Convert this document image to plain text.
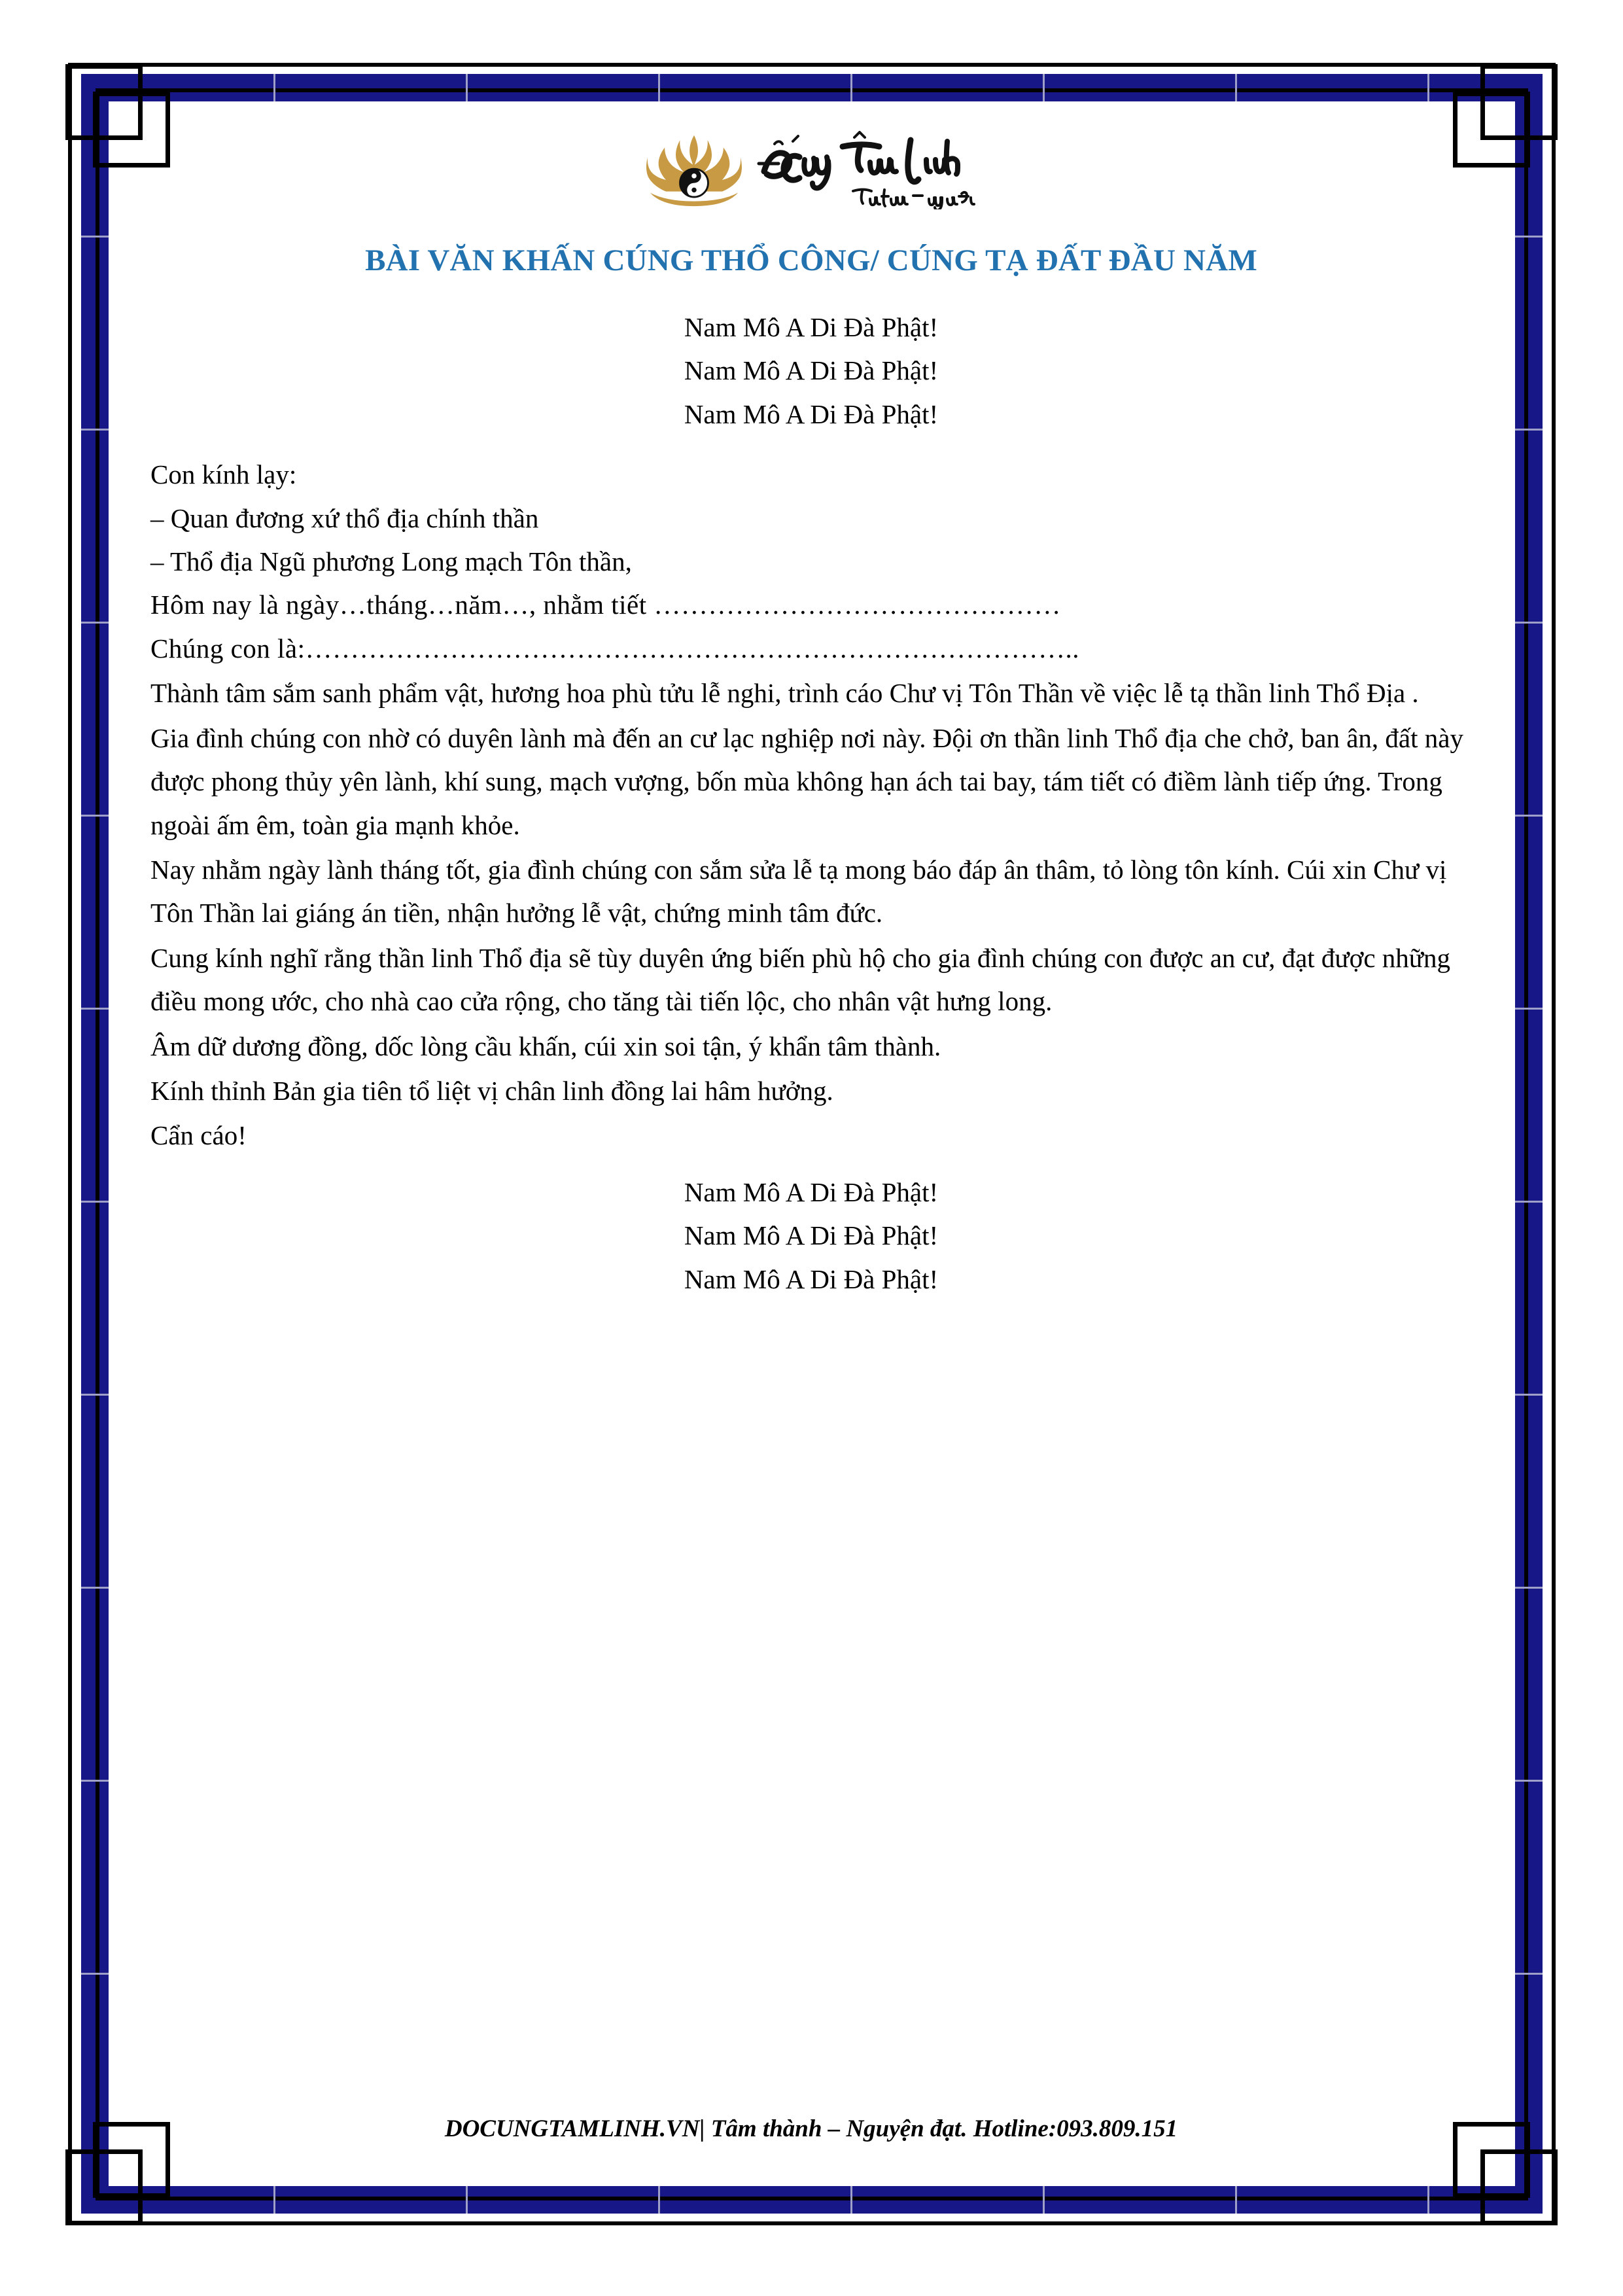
BÀI VĂN KHẤN CÚNG THỔ CÔNG/ CÚNG TẠ ĐẤT ĐẦU NĂM
Nam Mô A Di Đà Phật!
Nam Mô A Di Đà Phật!
Nam Mô A Di Đà Phật!

Con kính lạy:

– Quan đương xứ thổ địa chính thần

– Thổ địa Ngũ phương Long mạch Tôn thần,

Hôm nay là ngày…tháng…năm…, nhằm tiết ………………………………………

Chúng con là:…………………………………………………………………………..

Thành tâm sắm sanh phẩm vật, hương hoa phù tửu lễ nghi, trình cáo Chư vị Tôn Thần về việc lễ tạ thần linh Thổ Địa .

Gia đình chúng con nhờ có duyên lành mà đến an cư lạc nghiệp nơi này. Đội ơn thần linh Thổ địa che chở, ban ân, đất này được phong thủy yên lành, khí sung, mạch vượng, bốn mùa không hạn ách tai bay, tám tiết có điềm lành tiếp ứng. Trong ngoài ấm êm, toàn gia mạnh khỏe.

Nay nhằm ngày lành tháng tốt, gia đình chúng con sắm sửa lễ tạ mong báo đáp ân thâm, tỏ lòng tôn kính. Cúi xin Chư vị Tôn Thần lai giáng án tiền, nhận hưởng lễ vật, chứng minh tâm đức.

Cung kính nghĩ rằng thần linh Thổ địa sẽ tùy duyên ứng biến phù hộ cho gia đình chúng con được an cư, đạt được những điều mong ước, cho nhà cao cửa rộng, cho tăng tài tiến lộc, cho nhân vật hưng long.

Âm dữ dương đồng, dốc lòng cầu khấn, cúi xin soi tận, ý khẩn tâm thành.

Kính thỉnh Bản gia tiên tổ liệt vị chân linh đồng lai hâm hưởng.

Cẩn cáo!

Nam Mô A Di Đà Phật!
Nam Mô A Di Đà Phật!
Nam Mô A Di Đà Phật!
DOCUNGTAMLINH.VN| Tâm thành – Nguyện đạt. Hotline:093.809.151
